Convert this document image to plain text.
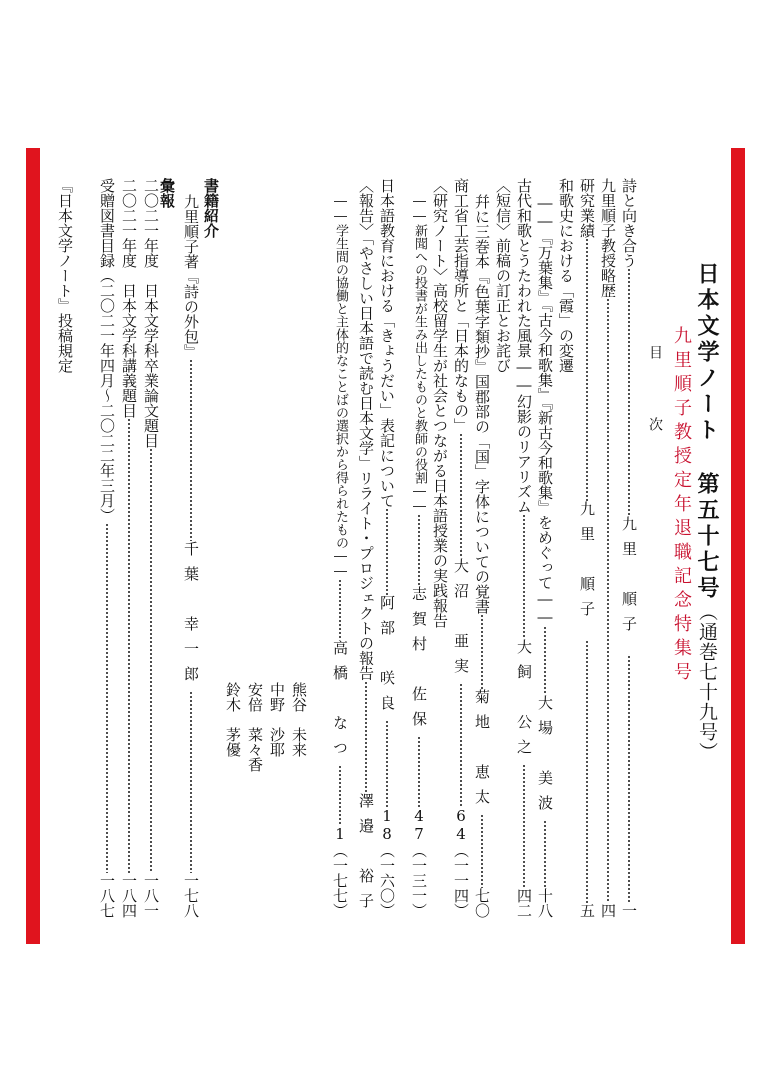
日本文学ノート第五十七号（通巻七十九号）
九里順子教授定年退職記念特集号
目　次
詩と向き合う
九里　順子
一
九里順子教授略歴
四
研究業績
九里　順子
五
和歌史における「霞」の変遷
――『万葉集』『古今和歌集』『新古今和歌集』をめぐって――
大場　美波
十八
古代和歌とうたわれた風景――幻影のリアリズム
大飼　公之
四二
〈短信〉前稿の訂正とお詫び
幷に三巻本『色葉字類抄』国郡部の「国」字体についての覚書
菊地　恵太
七〇
商工省工芸指導所と「日本的なもの」
大沼　亜実
64（一一四）
〈研究ノート〉高校留学生が社会とつながる日本語授業の実践報告
――新聞への投書が生み出したものと教師の役割――
志賀村　佐保
47（一三一）
日本語教育における「きょうだい」表記について
阿部　咲良
18（一六〇）
〈報告〉「やさしい日本語で読む日本文学」リライト・プロジェクトの報告
澤邉　裕子
――学生間の協働と主体的なことばの選択から得られたもの――
高橋　なつ
1（一七七）
熊谷　未来
中野　沙耶
安倍　菜々香
鈴木　茅優
書籍紹介
九里順子著『詩の外包』
千葉　幸一郎
一七八
彙報
二〇二一年度　日本文学科卒業論文題目
一八一
二〇二一年度　日本文学科講義題目
一八四
受贈図書目録（二〇二一年四月〜二〇二二年三月）
一八七
『日本文学ノート』投稿規定
